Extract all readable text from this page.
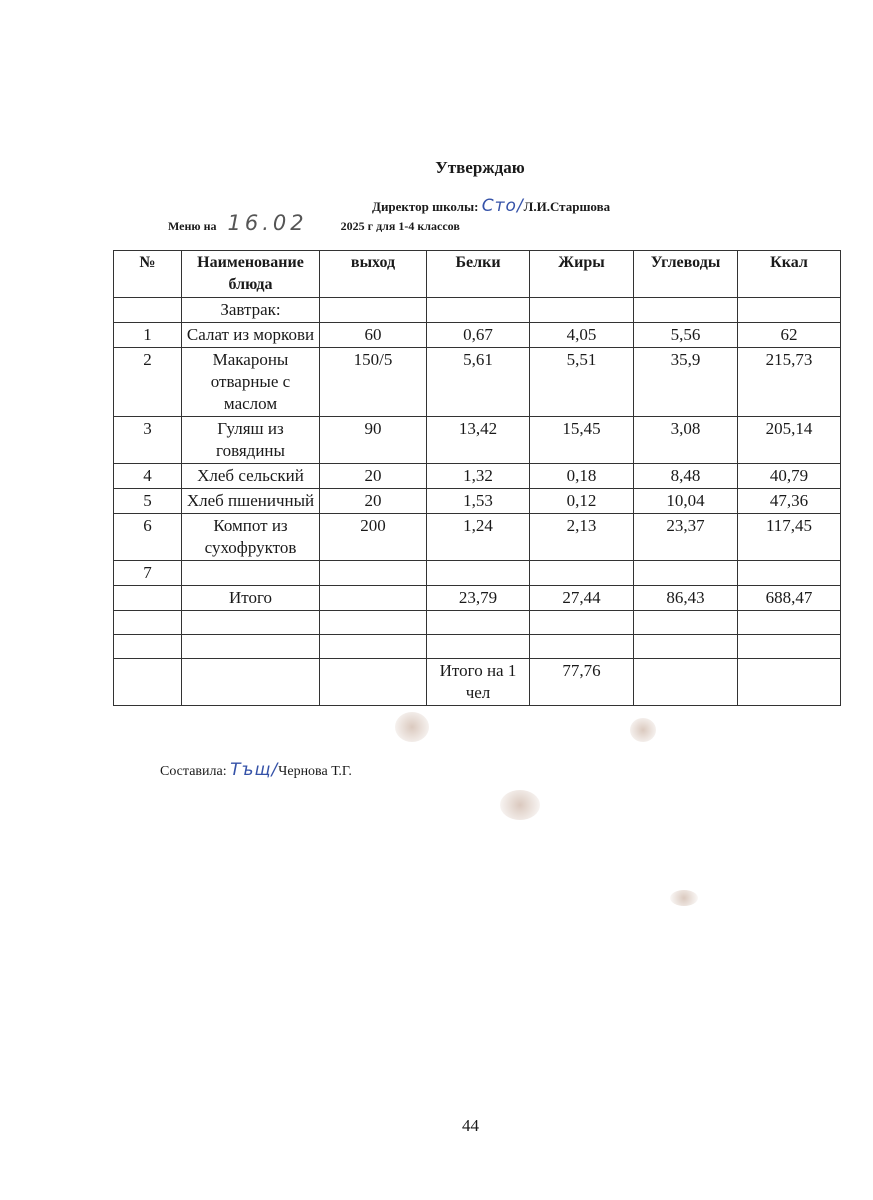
Утверждаю
Директор школы: Сто/Л.И.Старшова
Меню на 16.02	2025 г для 1-4 классов
№	Наименование блюда	выход	Белки	Жиры	Углеводы	Ккал
	Завтрак:					
1	Салат из моркови	60	0,67	4,05	5,56	62
2	Макароны отварные с маслом	150/5	5,61	5,51	35,9	215,73
3	Гуляш из говядины	90	13,42	15,45	3,08	205,14
4	Хлеб сельский	20	1,32	0,18	8,48	40,79
5	Хлеб пшеничный	20	1,53	0,12	10,04	47,36
6	Компот из сухофруктов	200	1,24	2,13	23,37	117,45
7						
	Итого		23,79	27,44	86,43	688,47

			Итого на 1 чел	77,76		
Составила: Тъщ/Чернова Т.Г.
44
